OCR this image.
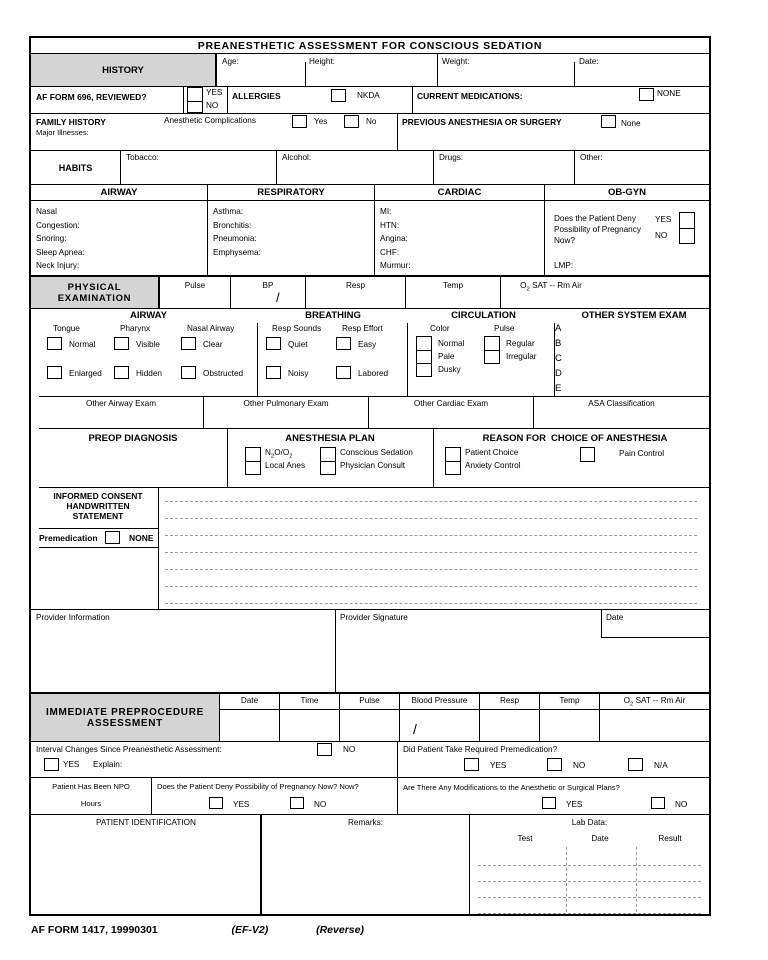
PREANESTHETIC ASSESSMENT FOR CONSCIOUS SEDATION
HISTORY
Age:	Height:	Weight:	Date:
AF FORM 696, REVIEWED?	YES
NO
ALLERGIES	NKDA	CURRENT MEDICATIONS:	NONE
FAMILY HISTORY
Major Illnesses:
Anesthetic Complications	Yes	No	PREVIOUS ANESTHESIA OR SURGERY	None
HABITS
Tobacco:	Alcohol:	Drugs:	Other:
AIRWAY	RESPIRATORY	CARDIAC	OB-GYN
Nasal
Congestion:
Snoring:
Sleep Apnea:
Neck Injury:
Asthma:
Bronchitis:
Pneumonia:
Emphysema:
MI:
HTN:
Angina:
CHF:
Murmur:
Does the Patient Deny Possibility of Pregnancy Now?
YES
NO
LMP:
PHYSICAL
EXAMINATION
Pulse	BP	Resp	Temp	$O_2$ SAT -- Rm Air
/
AIRWAY	BREATHING	CIRCULATION	OTHER SYSTEM EXAM
Tongue
Normal
Enlarged
Pharynx
Visible
Hidden
Nasal Airway
Clear
Obstructed
Resp Sounds
Quiet
Noisy
Resp Effort
Easy
Labored
Color
Normal
Pale
Dusky
Pulse
Regular
Irregular
A
B
C
D
E
Other Airway Exam	Other Pulmonary Exam	Other Cardiac Exam	ASA Classification
PREOP DIAGNOSIS	ANESTHESIA PLAN
$N_2O/O_2$
Local Anes
Conscious Sedation
Physician Consult
REASON FOR CHOICE OF ANESTHESIA
Patient Choice
Anxiety Control
Pain Control
INFORMED CONSENT
HANDWRITTEN
STATEMENT
Premedication	NONE
Provider Information	Provider Signature	Date
IMMEDIATE PREPROCEDURE
ASSESSMENT
Date	Time	Pulse	Blood Pressure	Resp	Temp	$O_2$ SAT -- Rm Air
/
Interval Changes Since Preanesthetic Assessment:	NO
YES Explain:
Did Patient Take Required Premedication?
YES	NO	N/A
Patient Has Been NPO
Hours
Does the Patient Deny Possibility of Pregnancy Now? Now?
YES	NO
Are There Any Modifications to the Anesthetic or Surgical Plans?
YES	NO
PATIENT IDENTIFICATION	Remarks:	Lab Data:
Test	Date	Result
AF FORM 1417, 19990301	(EF-V2)	(Reverse)
